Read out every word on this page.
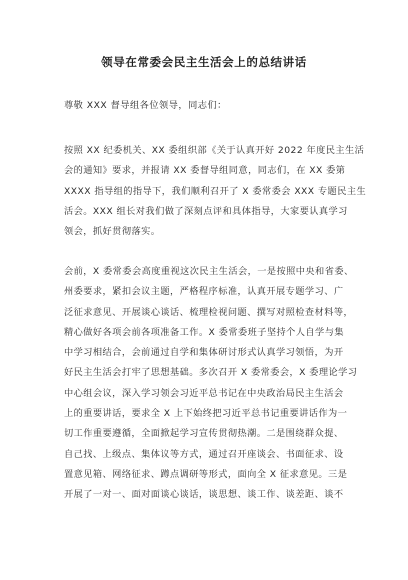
领导在常委会民主生活会上的总结讲话
尊敬 XXX 督导组各位领导，同志们：
按照 XX 纪委机关、XX 委组织部《关于认真开好 2022 年度民主生活
会的通知》要求，并报请 XX 委督导组同意，同志们，在 XX 委第
XXXX 指导组的指导下，我们顺利召开了 X 委常委会 XXX 专题民主生
活会。XXX 组长对我们做了深刻点评和具体指导，大家要认真学习
领会，抓好贯彻落实。
会前，X 委常委会高度重视这次民主生活会，一是按照中央和省委、
州委要求，紧扣会议主题，严格程序标准，认真开展专题学习、广
泛征求意见、开展谈心谈话、梳理检视问题、撰写对照检查材料等，
精心做好各项会前各项准备工作。X 委常委班子坚持个人自学与集
中学习相结合，会前通过自学和集体研讨形式认真学习领悟，为开
好民主生活会打牢了思想基础。多次召开 X 委常委会，X 委理论学习
中心组会议，深入学习领会习近平总书记在中央政治局民主生活会
上的重要讲话，要求全 X 上下始终把习近平总书记重要讲话作为一
切工作重要遵循，全面掀起学习宣传贯彻热潮。二是围绕群众提、
自己找、上级点、集体议等方式，通过召开座谈会、书面征求、设
置意见箱、网络征求、蹲点调研等形式，面向全 X 征求意见。三是
开展了一对一、面对面谈心谈话，谈思想、谈工作、谈差距、谈不
